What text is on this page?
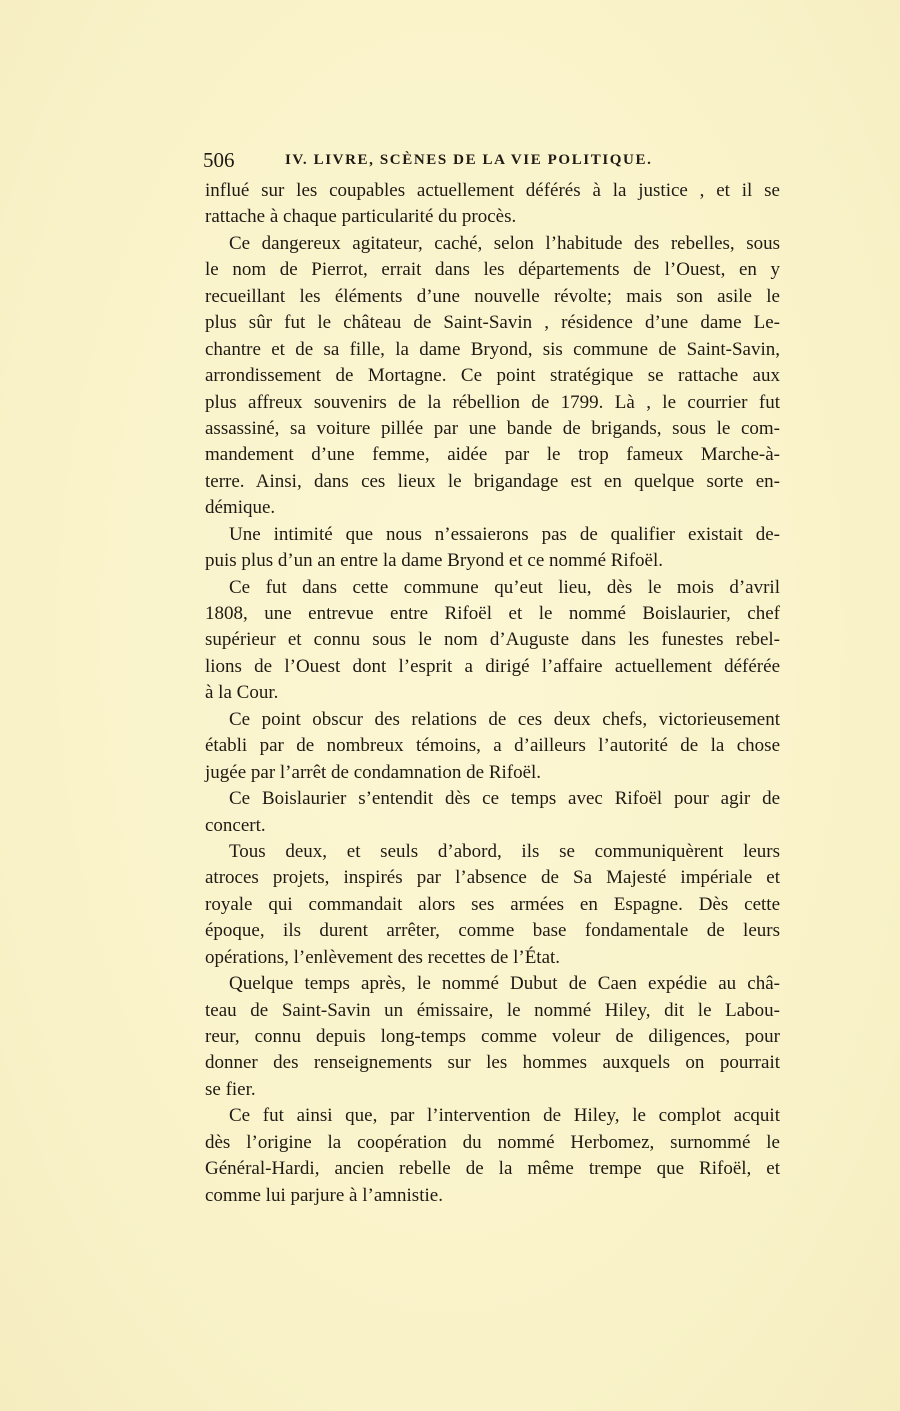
506	IV. LIVRE, SCÈNES DE LA VIE POLITIQUE.
influé sur les coupables actuellement déférés à la justice , et il se
rattache à chaque particularité du procès.
Ce dangereux agitateur, caché, selon l’habitude des rebelles, sous
le nom de Pierrot, errait dans les départements de l’Ouest, en y
recueillant les éléments d’une nouvelle révolte; mais son asile le
plus sûr fut le château de Saint-Savin , résidence d’une dame Le-
chantre et de sa fille, la dame Bryond, sis commune de Saint-Savin,
arrondissement de Mortagne. Ce point stratégique se rattache aux
plus affreux souvenirs de la rébellion de 1799. Là , le courrier fut
assassiné, sa voiture pillée par une bande de brigands, sous le com-
mandement d’une femme, aidée par le trop fameux Marche-à-
terre. Ainsi, dans ces lieux le brigandage est en quelque sorte en-
démique.
Une intimité que nous n’essaierons pas de qualifier existait de-
puis plus d’un an entre la dame Bryond et ce nommé Rifoël.
Ce fut dans cette commune qu’eut lieu, dès le mois d’avril
1808, une entrevue entre Rifoël et le nommé Boislaurier, chef
supérieur et connu sous le nom d’Auguste dans les funestes rebel-
lions de l’Ouest dont l’esprit a dirigé l’affaire actuellement déférée
à la Cour.
Ce point obscur des relations de ces deux chefs, victorieusement
établi par de nombreux témoins, a d’ailleurs l’autorité de la chose
jugée par l’arrêt de condamnation de Rifoël.
Ce Boislaurier s’entendit dès ce temps avec Rifoël pour agir de
concert.
Tous deux, et seuls d’abord, ils se communiquèrent leurs
atroces projets, inspirés par l’absence de Sa Majesté impériale et
royale qui commandait alors ses armées en Espagne. Dès cette
époque, ils durent arrêter, comme base fondamentale de leurs
opérations, l’enlèvement des recettes de l’État.
Quelque temps après, le nommé Dubut de Caen expédie au châ-
teau de Saint-Savin un émissaire, le nommé Hiley, dit le Labou-
reur, connu depuis long-temps comme voleur de diligences, pour
donner des renseignements sur les hommes auxquels on pourrait
se fier.
Ce fut ainsi que, par l’intervention de Hiley, le complot acquit
dès l’origine la coopération du nommé Herbomez, surnommé le
Général-Hardi, ancien rebelle de la même trempe que Rifoël, et
comme lui parjure à l’amnistie.
